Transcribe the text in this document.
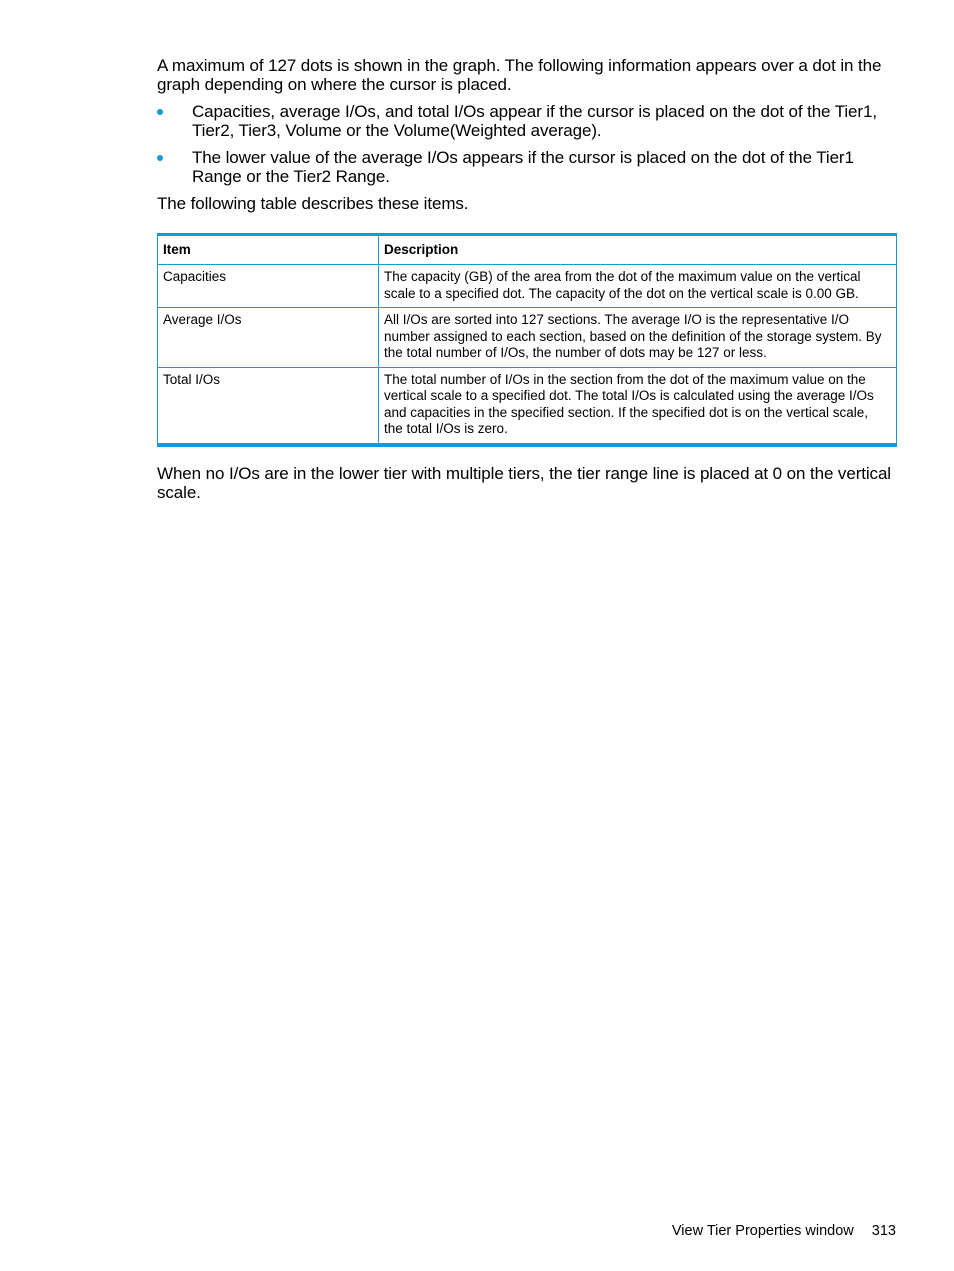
A maximum of 127 dots is shown in the graph. The following information appears over a dot in the graph depending on where the cursor is placed.

Capacities, average I/Os, and total I/Os appear if the cursor is placed on the dot of the Tier1, Tier2, Tier3, Volume or the Volume(Weighted average).
The lower value of the average I/Os appears if the cursor is placed on the dot of the Tier1 Range or the Tier2 Range.

The following table describes these items.

Item	Description
Capacities	The capacity (GB) of the area from the dot of the maximum value on the vertical scale to a specified dot. The capacity of the dot on the vertical scale is 0.00 GB.
Average I/Os	All I/Os are sorted into 127 sections. The average I/O is the representative I/O number assigned to each section, based on the definition of the storage system. By the total number of I/Os, the number of dots may be 127 or less.
Total I/Os	The total number of I/Os in the section from the dot of the maximum value on the vertical scale to a specified dot. The total I/Os is calculated using the average I/Os and capacities in the specified section. If the specified dot is on the vertical scale, the total I/Os is zero.

When no I/Os are in the lower tier with multiple tiers, the tier range line is placed at 0 on the vertical scale.

View Tier Properties window 313
